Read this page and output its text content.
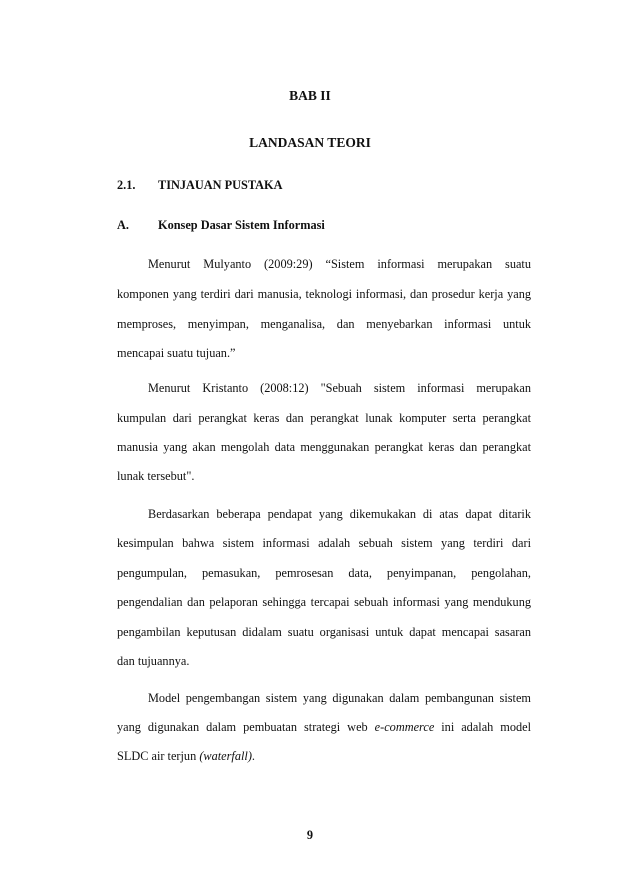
BAB II
LANDASAN TEORI
2.1. TINJAUAN PUSTAKA
A. Konsep Dasar Sistem Informasi
Menurut Mulyanto (2009:29) “Sistem informasi merupakan suatu
komponen yang terdiri dari manusia, teknologi informasi, dan prosedur kerja yang
memproses, menyimpan, menganalisa, dan menyebarkan informasi untuk
mencapai suatu tujuan.”
Menurut Kristanto (2008:12) "Sebuah sistem informasi merupakan
kumpulan dari perangkat keras dan perangkat lunak komputer serta perangkat
manusia yang akan mengolah data menggunakan perangkat keras dan perangkat
lunak tersebut".
Berdasarkan beberapa pendapat yang dikemukakan di atas dapat ditarik
kesimpulan bahwa sistem informasi adalah sebuah sistem yang terdiri dari
pengumpulan, pemasukan, pemrosesan data, penyimpanan, pengolahan,
pengendalian dan pelaporan sehingga tercapai sebuah informasi yang mendukung
pengambilan keputusan didalam suatu organisasi untuk dapat mencapai sasaran
dan tujuannya.
Model pengembangan sistem yang digunakan dalam pembangunan sistem
yang digunakan dalam pembuatan strategi web e-commerce ini adalah model
SLDC air terjun (waterfall).
9
